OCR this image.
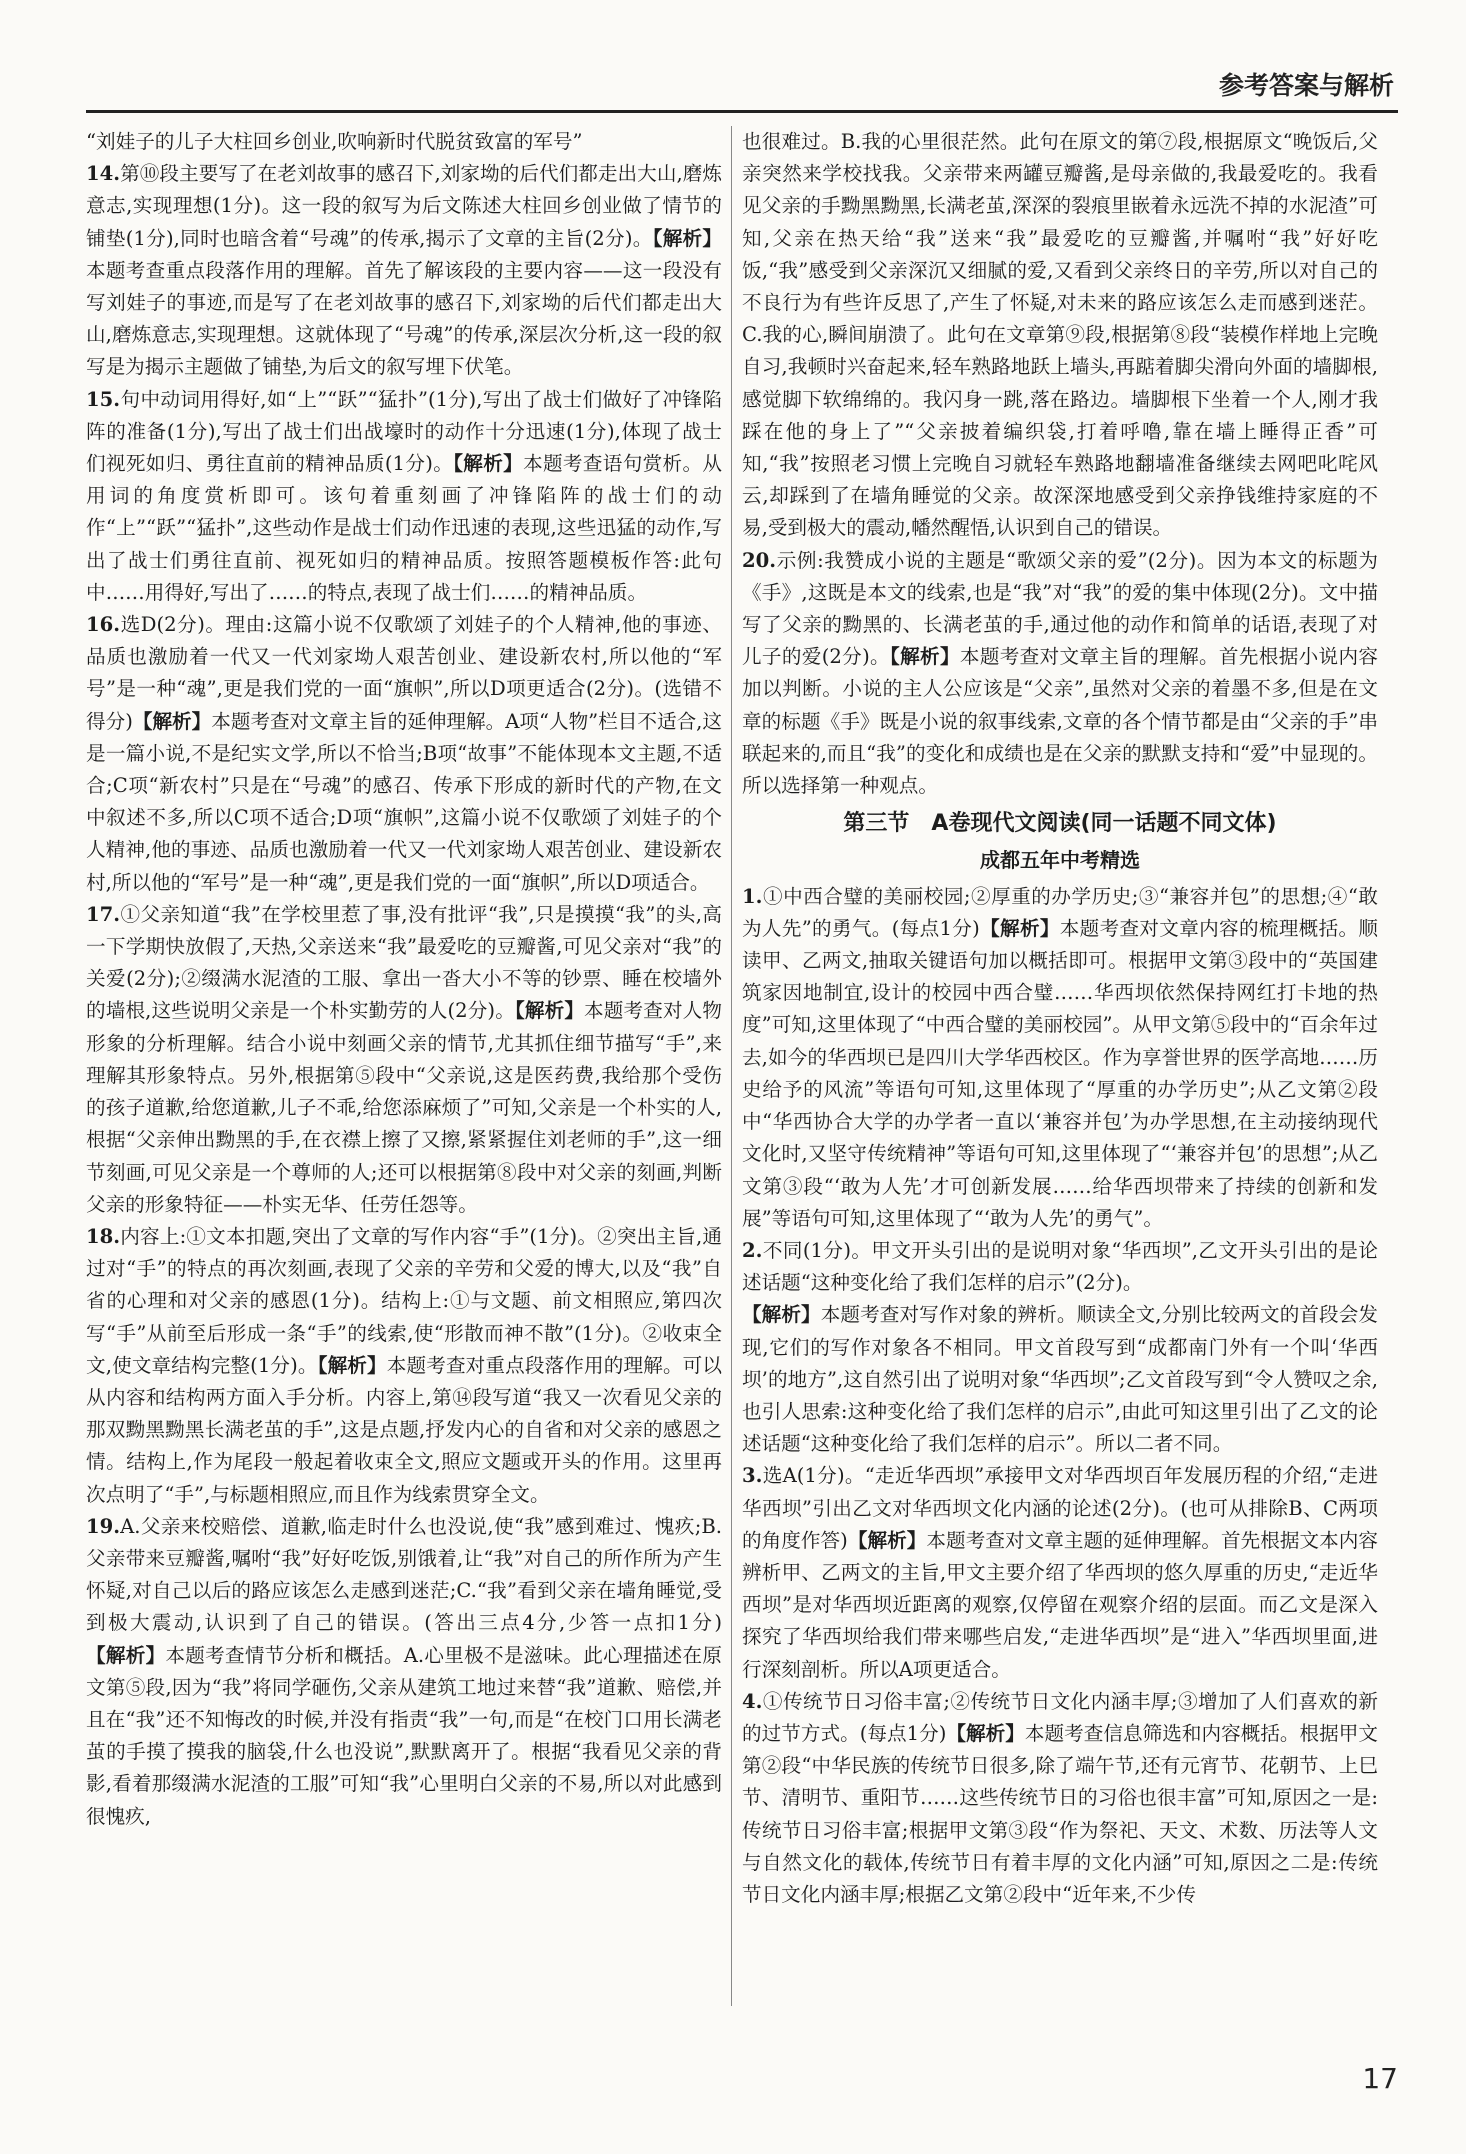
参考答案与解析

“刘娃子的儿子大柱回乡创业,吹响新时代脱贫致富的军号”

14.第⑩段主要写了在老刘故事的感召下,刘家坳的后代们都走出大山,磨炼意志,实现理想(1分)。这一段的叙写为后文陈述大柱回乡创业做了情节的铺垫(1分),同时也暗含着“号魂”的传承,揭示了文章的主旨(2分)。【解析】本题考查重点段落作用的理解。首先了解该段的主要内容——这一段没有写刘娃子的事迹,而是写了在老刘故事的感召下,刘家坳的后代们都走出大山,磨炼意志,实现理想。这就体现了“号魂”的传承,深层次分析,这一段的叙写是为揭示主题做了铺垫,为后文的叙写埋下伏笔。

15.句中动词用得好,如“上”“跃”“猛扑”(1分),写出了战士们做好了冲锋陷阵的准备(1分),写出了战士们出战壕时的动作十分迅速(1分),体现了战士们视死如归、勇往直前的精神品质(1分)。【解析】本题考查语句赏析。从用词的角度赏析即可。该句着重刻画了冲锋陷阵的战士们的动作“上”“跃”“猛扑”,这些动作是战士们动作迅速的表现,这些迅猛的动作,写出了战士们勇往直前、视死如归的精神品质。按照答题模板作答:此句中……用得好,写出了……的特点,表现了战士们……的精神品质。

16.选D(2分)。理由:这篇小说不仅歌颂了刘娃子的个人精神,他的事迹、品质也激励着一代又一代刘家坳人艰苦创业、建设新农村,所以他的“军号”是一种“魂”,更是我们党的一面“旗帜”,所以D项更适合(2分)。(选错不得分)【解析】本题考查对文章主旨的延伸理解。A项“人物”栏目不适合,这是一篇小说,不是纪实文学,所以不恰当;B项“故事”不能体现本文主题,不适合;C项“新农村”只是在“号魂”的感召、传承下形成的新时代的产物,在文中叙述不多,所以C项不适合;D项“旗帜”,这篇小说不仅歌颂了刘娃子的个人精神,他的事迹、品质也激励着一代又一代刘家坳人艰苦创业、建设新农村,所以他的“军号”是一种“魂”,更是我们党的一面“旗帜”,所以D项适合。

17.①父亲知道“我”在学校里惹了事,没有批评“我”,只是摸摸“我”的头,高一下学期快放假了,天热,父亲送来“我”最爱吃的豆瓣酱,可见父亲对“我”的关爱(2分);②缀满水泥渣的工服、拿出一沓大小不等的钞票、睡在校墙外的墙根,这些说明父亲是一个朴实勤劳的人(2分)。【解析】本题考查对人物形象的分析理解。结合小说中刻画父亲的情节,尤其抓住细节描写“手”,来理解其形象特点。另外,根据第⑤段中“父亲说,这是医药费,我给那个受伤的孩子道歉,给您道歉,儿子不乖,给您添麻烦了”可知,父亲是一个朴实的人,根据“父亲伸出黝黑的手,在衣襟上擦了又擦,紧紧握住刘老师的手”,这一细节刻画,可见父亲是一个尊师的人;还可以根据第⑧段中对父亲的刻画,判断父亲的形象特征——朴实无华、任劳任怨等。

18.内容上:①文本扣题,突出了文章的写作内容“手”(1分)。②突出主旨,通过对“手”的特点的再次刻画,表现了父亲的辛劳和父爱的博大,以及“我”自省的心理和对父亲的感恩(1分)。结构上:①与文题、前文相照应,第四次写“手”从前至后形成一条“手”的线索,使“形散而神不散”(1分)。②收束全文,使文章结构完整(1分)。【解析】本题考查对重点段落作用的理解。可以从内容和结构两方面入手分析。内容上,第⑭段写道“我又一次看见父亲的那双黝黑黝黑长满老茧的手”,这是点题,抒发内心的自省和对父亲的感恩之情。结构上,作为尾段一般起着收束全文,照应文题或开头的作用。这里再次点明了“手”,与标题相照应,而且作为线索贯穿全文。

19.A.父亲来校赔偿、道歉,临走时什么也没说,使“我”感到难过、愧疚;B.父亲带来豆瓣酱,嘱咐“我”好好吃饭,别饿着,让“我”对自己的所作所为产生怀疑,对自己以后的路应该怎么走感到迷茫;C.“我”看到父亲在墙角睡觉,受到极大震动,认识到了自己的错误。(答出三点4分,少答一点扣1分)【解析】本题考查情节分析和概括。A.心里极不是滋味。此心理描述在原文第⑤段,因为“我”将同学砸伤,父亲从建筑工地过来替“我”道歉、赔偿,并且在“我”还不知悔改的时候,并没有指责“我”一句,而是“在校门口用长满老茧的手摸了摸我的脑袋,什么也没说”,默默离开了。根据“我看见父亲的背影,看着那缀满水泥渣的工服”可知“我”心里明白父亲的不易,所以对此感到很愧疚,

也很难过。B.我的心里很茫然。此句在原文的第⑦段,根据原文“晚饭后,父亲突然来学校找我。父亲带来两罐豆瓣酱,是母亲做的,我最爱吃的。我看见父亲的手黝黑黝黑,长满老茧,深深的裂痕里嵌着永远洗不掉的水泥渣”可知,父亲在热天给“我”送来“我”最爱吃的豆瓣酱,并嘱咐“我”好好吃饭,“我”感受到父亲深沉又细腻的爱,又看到父亲终日的辛劳,所以对自己的不良行为有些许反思了,产生了怀疑,对未来的路应该怎么走而感到迷茫。C.我的心,瞬间崩溃了。此句在文章第⑨段,根据第⑧段“装模作样地上完晚自习,我顿时兴奋起来,轻车熟路地跃上墙头,再踮着脚尖滑向外面的墙脚根,感觉脚下软绵绵的。我闪身一跳,落在路边。墙脚根下坐着一个人,刚才我踩在他的身上了”“父亲披着编织袋,打着呼噜,靠在墙上睡得正香”可知,“我”按照老习惯上完晚自习就轻车熟路地翻墙准备继续去网吧叱咤风云,却踩到了在墙角睡觉的父亲。故深深地感受到父亲挣钱维持家庭的不易,受到极大的震动,幡然醒悟,认识到自己的错误。

20.示例:我赞成小说的主题是“歌颂父亲的爱”(2分)。因为本文的标题为《手》,这既是本文的线索,也是“我”对“我”的爱的集中体现(2分)。文中描写了父亲的黝黑的、长满老茧的手,通过他的动作和简单的话语,表现了对儿子的爱(2分)。【解析】本题考查对文章主旨的理解。首先根据小说内容加以判断。小说的主人公应该是“父亲”,虽然对父亲的着墨不多,但是在文章的标题《手》既是小说的叙事线索,文章的各个情节都是由“父亲的手”串联起来的,而且“我”的变化和成绩也是在父亲的默默支持和“爱”中显现的。所以选择第一种观点。

第三节　A卷现代文阅读(同一话题不同文体)
成都五年中考精选

1.①中西合璧的美丽校园;②厚重的办学历史;③“兼容并包”的思想;④“敢为人先”的勇气。(每点1分)【解析】本题考查对文章内容的梳理概括。顺读甲、乙两文,抽取关键语句加以概括即可。根据甲文第③段中的“英国建筑家因地制宜,设计的校园中西合璧……华西坝依然保持网红打卡地的热度”可知,这里体现了“中西合璧的美丽校园”。从甲文第⑤段中的“百余年过去,如今的华西坝已是四川大学华西校区。作为享誉世界的医学高地……历史给予的风流”等语句可知,这里体现了“厚重的办学历史”;从乙文第②段中“华西协合大学的办学者一直以‘兼容并包’为办学思想,在主动接纳现代文化时,又坚守传统精神”等语句可知,这里体现了“‘兼容并包’的思想”;从乙文第③段“‘敢为人先’才可创新发展……给华西坝带来了持续的创新和发展”等语句可知,这里体现了“‘敢为人先’的勇气”。

2.不同(1分)。甲文开头引出的是说明对象“华西坝”,乙文开头引出的是论述话题“这种变化给了我们怎样的启示”(2分)。

【解析】本题考查对写作对象的辨析。顺读全文,分别比较两文的首段会发现,它们的写作对象各不相同。甲文首段写到“成都南门外有一个叫‘华西坝’的地方”,这自然引出了说明对象“华西坝”;乙文首段写到“令人赞叹之余,也引人思索:这种变化给了我们怎样的启示”,由此可知这里引出了乙文的论述话题“这种变化给了我们怎样的启示”。所以二者不同。

3.选A(1分)。“走近华西坝”承接甲文对华西坝百年发展历程的介绍,“走进华西坝”引出乙文对华西坝文化内涵的论述(2分)。(也可从排除B、C两项的角度作答)【解析】本题考查对文章主题的延伸理解。首先根据文本内容辨析甲、乙两文的主旨,甲文主要介绍了华西坝的悠久厚重的历史,“走近华西坝”是对华西坝近距离的观察,仅停留在观察介绍的层面。而乙文是深入探究了华西坝给我们带来哪些启发,“走进华西坝”是“进入”华西坝里面,进行深刻剖析。所以A项更适合。

4.①传统节日习俗丰富;②传统节日文化内涵丰厚;③增加了人们喜欢的新的过节方式。(每点1分)【解析】本题考查信息筛选和内容概括。根据甲文第②段“中华民族的传统节日很多,除了端午节,还有元宵节、花朝节、上巳节、清明节、重阳节……这些传统节日的习俗也很丰富”可知,原因之一是:传统节日习俗丰富;根据甲文第③段“作为祭祀、天文、术数、历法等人文与自然文化的载体,传统节日有着丰厚的文化内涵”可知,原因之二是:传统节日文化内涵丰厚;根据乙文第②段中“近年来,不少传

17
